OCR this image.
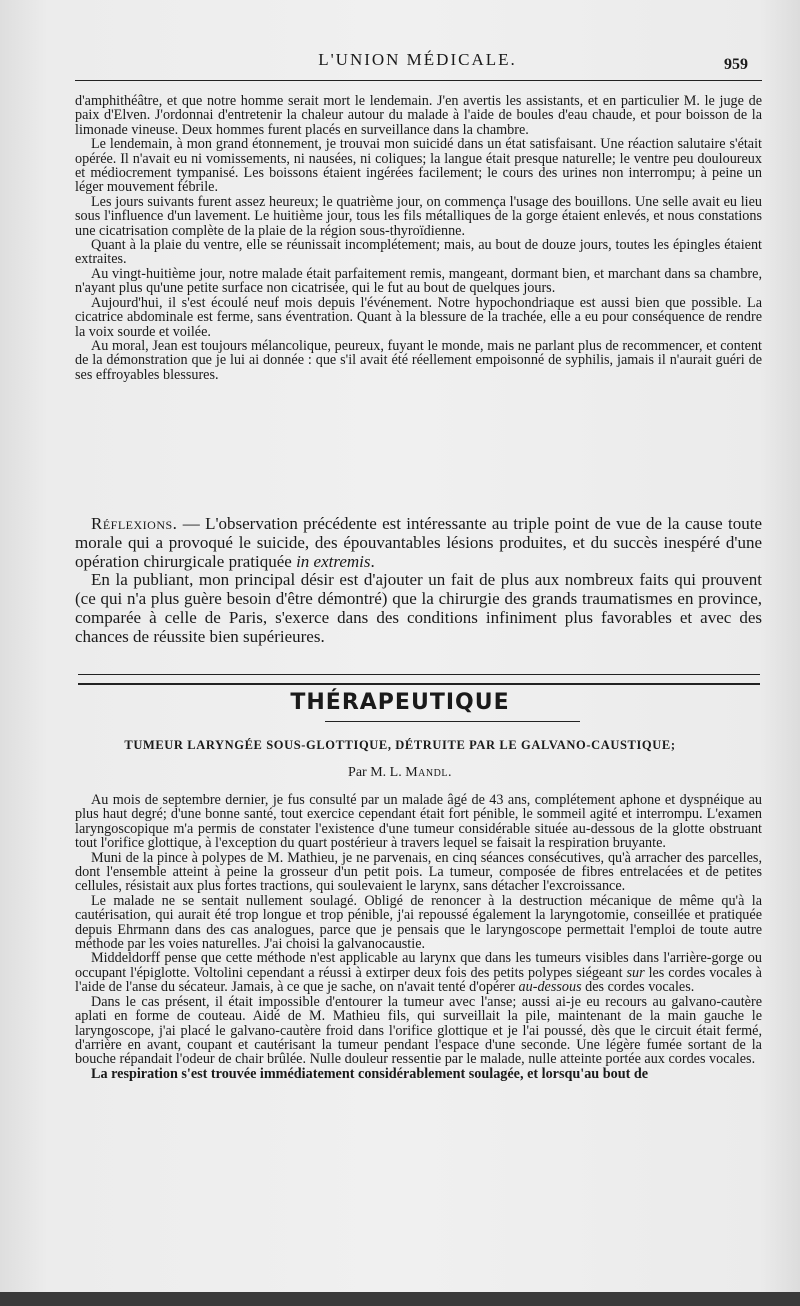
L'UNION MÉDICALE.	959

d'amphithéâtre, et que notre homme serait mort le lendemain. J'en avertis les assistants, et en particulier M. le juge de paix d'Elven. J'ordonnai d'entretenir la chaleur autour du malade à l'aide de boules d'eau chaude, et pour boisson de la limonade vineuse. Deux hommes furent placés en surveillance dans la chambre.

Le lendemain, à mon grand étonnement, je trouvai mon suicidé dans un état satisfaisant. Une réaction salutaire s'était opérée. Il n'avait eu ni vomissements, ni nausées, ni coliques; la langue était presque naturelle; le ventre peu douloureux et médiocrement tympanisé. Les boissons étaient ingérées facilement; le cours des urines non interrompu; à peine un léger mouvement fébrile.

Les jours suivants furent assez heureux; le quatrième jour, on commença l'usage des bouillons. Une selle avait eu lieu sous l'influence d'un lavement. Le huitième jour, tous les fils métalliques de la gorge étaient enlevés, et nous constations une cicatrisation complète de la plaie de la région sous-thyroïdienne.

Quant à la plaie du ventre, elle se réunissait incomplétement; mais, au bout de douze jours, toutes les épingles étaient extraites.

Au vingt-huitième jour, notre malade était parfaitement remis, mangeant, dormant bien, et marchant dans sa chambre, n'ayant plus qu'une petite surface non cicatrisée, qui le fut au bout de quelques jours.

Aujourd'hui, il s'est écoulé neuf mois depuis l'événement. Notre hypochondriaque est aussi bien que possible. La cicatrice abdominale est ferme, sans éventration. Quant à la blessure de la trachée, elle a eu pour conséquence de rendre la voix sourde et voilée.

Au moral, Jean est toujours mélancolique, peureux, fuyant le monde, mais ne parlant plus de recommencer, et content de la démonstration que je lui ai donnée : que s'il avait été réellement empoisonné de syphilis, jamais il n'aurait guéri de ses effroyables blessures.

Réflexions. — L'observation précédente est intéressante au triple point de vue de la cause toute morale qui a provoqué le suicide, des épouvantables lésions produites, et du succès inespéré d'une opération chirurgicale pratiquée in extremis.

En la publiant, mon principal désir est d'ajouter un fait de plus aux nombreux faits qui prouvent (ce qui n'a plus guère besoin d'être démontré) que la chirurgie des grands traumatismes en province, comparée à celle de Paris, s'exerce dans des conditions infiniment plus favorables et avec des chances de réussite bien supérieures.

THÉRAPEUTIQUE
TUMEUR LARYNGÉE SOUS-GLOTTIQUE, DÉTRUITE PAR LE GALVANO-CAUSTIQUE;
Par M. L. Mandl.

Au mois de septembre dernier, je fus consulté par un malade âgé de 43 ans, complétement aphone et dyspnéique au plus haut degré; d'une bonne santé, tout exercice cependant était fort pénible, le sommeil agité et interrompu. L'examen laryngoscopique m'a permis de constater l'existence d'une tumeur considérable située au-dessous de la glotte obstruant tout l'orifice glottique, à l'exception du quart postérieur à travers lequel se faisait la respiration bruyante.

Muni de la pince à polypes de M. Mathieu, je ne parvenais, en cinq séances consécutives, qu'à arracher des parcelles, dont l'ensemble atteint à peine la grosseur d'un petit pois. La tumeur, composée de fibres entrelacées et de petites cellules, résistait aux plus fortes tractions, qui soulevaient le larynx, sans détacher l'excroissance.

Le malade ne se sentait nullement soulagé. Obligé de renoncer à la destruction mécanique de même qu'à la cautérisation, qui aurait été trop longue et trop pénible, j'ai repoussé également la laryngotomie, conseillée et pratiquée depuis Ehrmann dans des cas analogues, parce que je pensais que le laryngoscope permettait l'emploi de toute autre méthode par les voies naturelles. J'ai choisi la galvanocaustie.

Middeldorff pense que cette méthode n'est applicable au larynx que dans les tumeurs visibles dans l'arrière-gorge ou occupant l'épiglotte. Voltolini cependant a réussi à extirper deux fois des petits polypes siégeant sur les cordes vocales à l'aide de l'anse du sécateur. Jamais, à ce que je sache, on n'avait tenté d'opérer au-dessous des cordes vocales.

Dans le cas présent, il était impossible d'entourer la tumeur avec l'anse; aussi ai-je eu recours au galvano-cautère aplati en forme de couteau. Aidé de M. Mathieu fils, qui surveillait la pile, maintenant de la main gauche le laryngoscope, j'ai placé le galvano-cautère froid dans l'orifice glottique et je l'ai poussé, dès que le circuit était fermé, d'arrière en avant, coupant et cautérisant la tumeur pendant l'espace d'une seconde. Une légère fumée sortant de la bouche répandait l'odeur de chair brûlée. Nulle douleur ressentie par le malade, nulle atteinte portée aux cordes vocales.

La respiration s'est trouvée immédiatement considérablement soulagée, et lorsqu'au bout de
